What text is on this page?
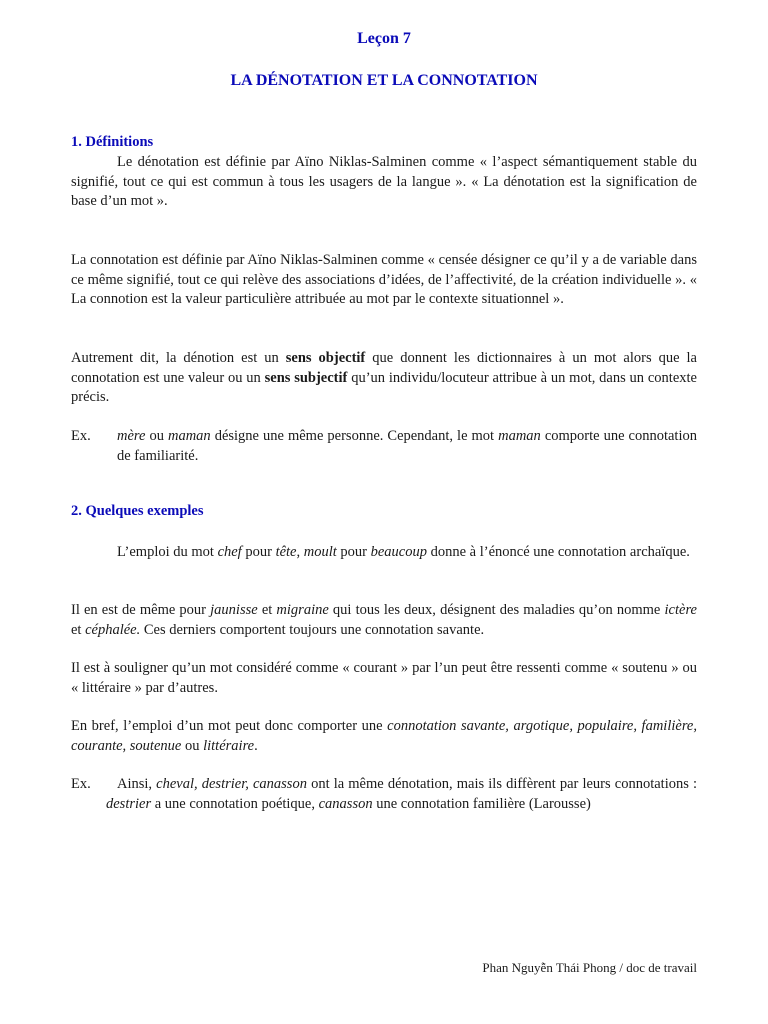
Leçon 7
LA DÉNOTATION ET LA CONNOTATION
1. Définitions
Le dénotation est définie par Aïno Niklas-Salminen comme « l’aspect sémantiquement stable du signifié, tout ce qui est commun à tous les usagers de la langue ». « La dénotation est la signification de base d’un mot ».
La connotation est définie par Aïno Niklas-Salminen comme « censée désigner ce qu’il y a de variable dans ce même signifié, tout ce qui relève des associations d’idées, de l’affectivité, de la création individuelle ». « La connotion est la valeur particulière attribuée au mot par le contexte situationnel ».
Autrement dit, la dénotion est un sens objectif que donnent les dictionnaires à un mot alors que la connotation est une valeur ou un sens subjectif qu’un individu/locuteur attribue à un mot, dans un contexte précis.
Ex. mère ou maman désigne une même personne. Cependant, le mot maman comporte une connotation de familiarité.
2. Quelques exemples
L’emploi du mot chef pour tête, moult pour beaucoup donne à l’énoncé une connotation archaïque.
Il en est de même pour jaunisse et migraine qui tous les deux, désignent des maladies qu’on nomme ictère et céphalée. Ces derniers comportent toujours une connotation savante.
Il est à souligner qu’un mot considéré comme « courant » par l’un peut être ressenti comme « soutenu » ou « littéraire » par d’autres.
En bref, l’emploi d’un mot peut donc comporter une connotation savante, argotique, populaire, familière, courante, soutenue ou littéraire.
Ex.	Ainsi, cheval, destrier, canasson ont la même dénotation, mais ils diffèrent par leurs connotations : destrier a une connotation poétique, canasson une connotation familière (Larousse)
Phan Nguyễn Thái Phong / doc de travail
